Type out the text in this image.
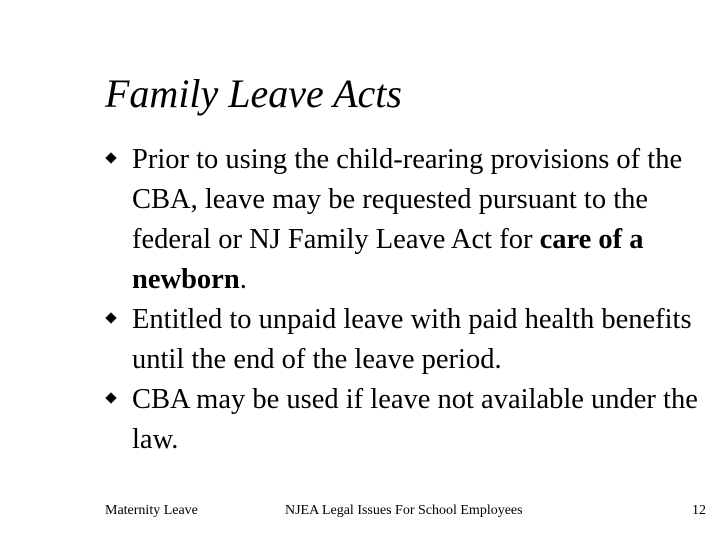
Family Leave Acts
Prior to using the child-rearing provisions of the CBA, leave may be requested pursuant to the federal or NJ Family Leave Act for care of a newborn.
Entitled to unpaid leave with paid health benefits until the end of the leave period.
CBA may be used if leave not available under the law.
Maternity Leave	NJEA Legal Issues For School Employees	12
